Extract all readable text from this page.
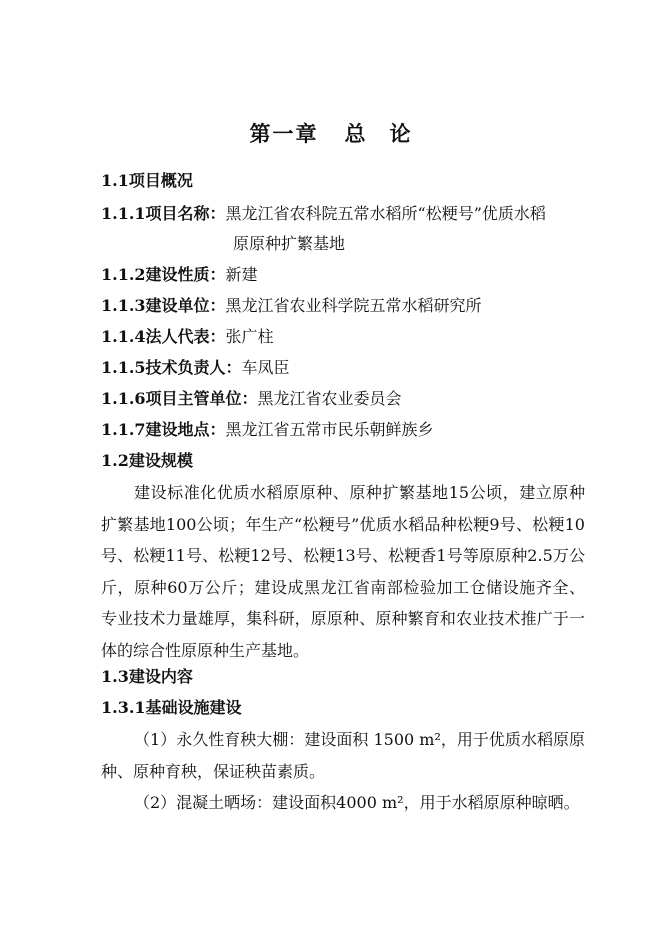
第一章 总 论
1.1项目概况
1.1.1项目名称：黑龙江省农科院五常水稻所“松粳号”优质水稻
原原种扩繁基地
1.1.2建设性质：新建
1.1.3建设单位：黑龙江省农业科学院五常水稻研究所
1.1.4法人代表：张广柱
1.1.5技术负责人：车凤臣
1.1.6项目主管单位：黑龙江省农业委员会
1.1.7建设地点：黑龙江省五常市民乐朝鲜族乡
1.2建设规模
建设标准化优质水稻原原种、原种扩繁基地15公顷，建立原种扩繁基地100公顷；年生产“松粳号”优质水稻品种松粳9号、松粳10号、松粳11号、松粳12号、松粳13号、松粳香1号等原原种2.5万公斤，原种60万公斤；建设成黑龙江省南部检验加工仓储设施齐全、专业技术力量雄厚，集科研，原原种、原种繁育和农业技术推广于一体的综合性原原种生产基地。
1.3建设内容
1.3.1基础设施建设
（1）永久性育秧大棚：建设面积 1500 m²，用于优质水稻原原种、原种育秧，保证秧苗素质。
（2）混凝土晒场：建设面积4000 m²，用于水稻原原种晾晒。
